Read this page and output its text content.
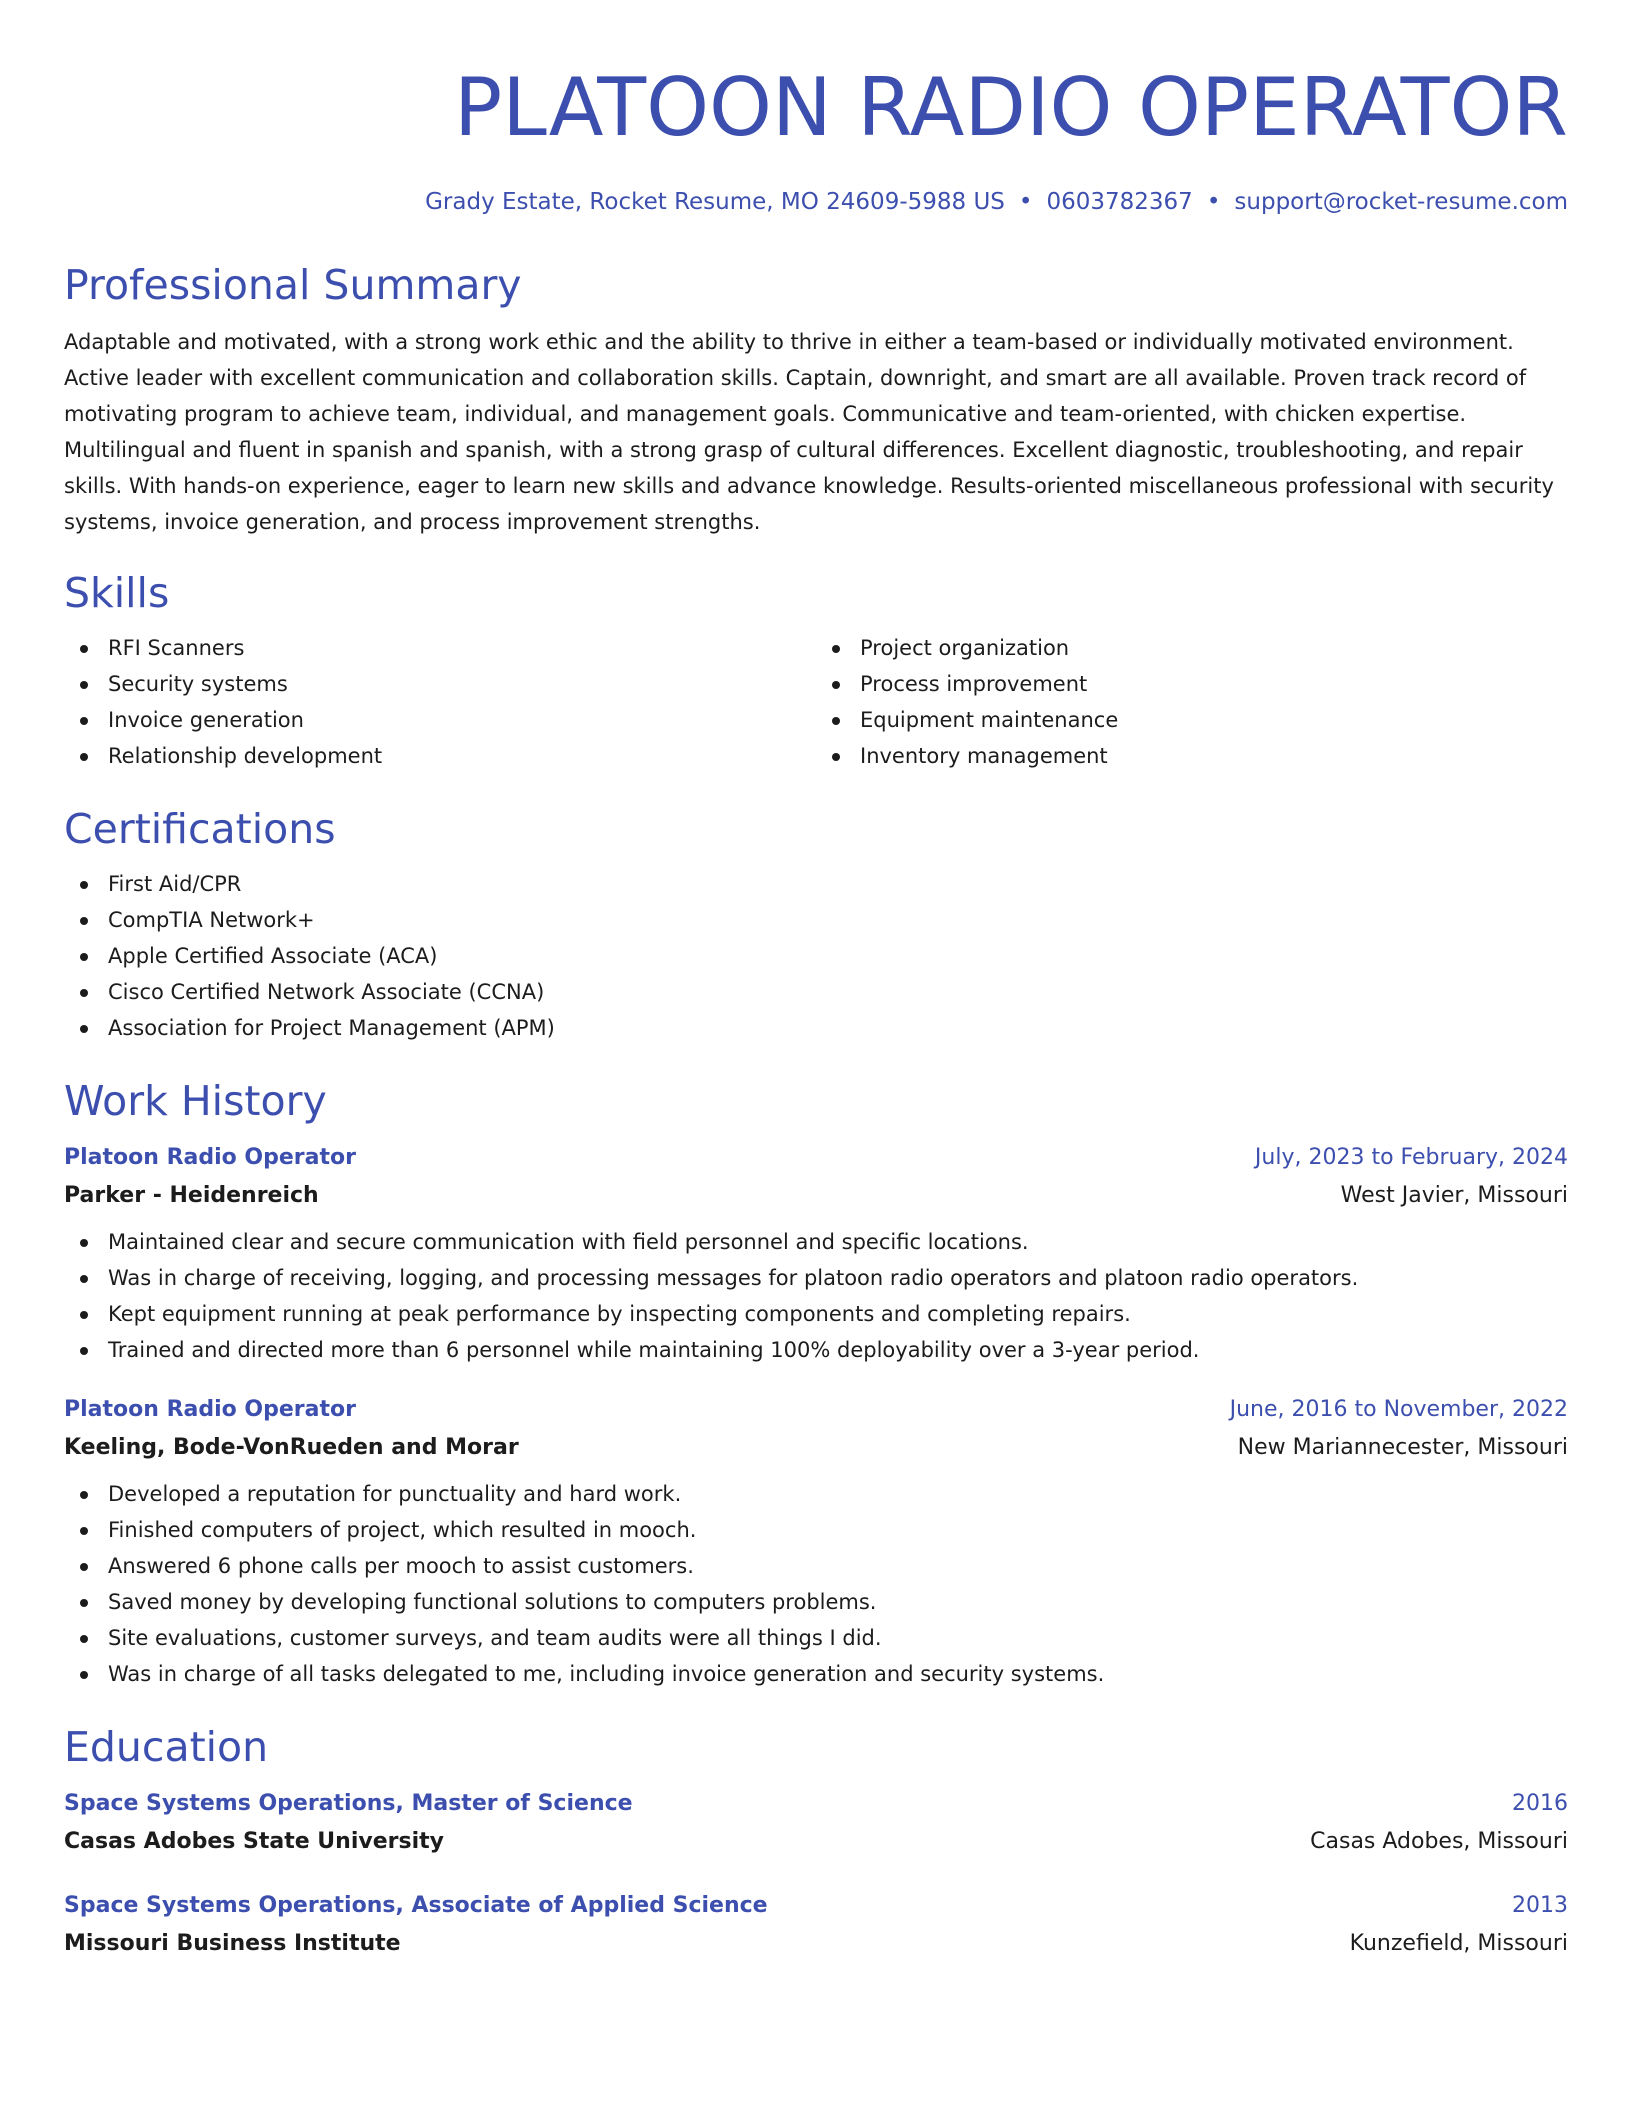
PLATOON RADIO OPERATOR
Grady Estate, Rocket Resume, MO 24609-5988 US • 0603782367 • support@rocket-resume.com
Professional Summary

Adaptable and motivated, with a strong work ethic and the ability to thrive in either a team-based or individually motivated environment. Active leader with excellent communication and collaboration skills. Captain, downright, and smart are all available. Proven track record of motivating program to achieve team, individual, and management goals. Communicative and team-oriented, with chicken expertise. Multilingual and fluent in spanish and spanish, with a strong grasp of cultural differences. Excellent diagnostic, troubleshooting, and repair skills. With hands-on experience, eager to learn new skills and advance knowledge. Results-oriented miscellaneous professional with security systems, invoice generation, and process improvement strengths.

Skills
RFI Scanners
Security systems
Invoice generation
Relationship development
Project organization
Process improvement
Equipment maintenance
Inventory management
Certifications
First Aid/CPR
CompTIA Network+
Apple Certified Associate (ACA)
Cisco Certified Network Associate (CCNA)
Association for Project Management (APM)
Work History
Platoon Radio Operator	July, 2023 to February, 2024
Parker - Heidenreich	West Javier, Missouri
Maintained clear and secure communication with field personnel and specific locations.
Was in charge of receiving, logging, and processing messages for platoon radio operators and platoon radio operators.
Kept equipment running at peak performance by inspecting components and completing repairs.
Trained and directed more than 6 personnel while maintaining 100% deployability over a 3-year period.
Platoon Radio Operator	June, 2016 to November, 2022
Keeling, Bode-VonRueden and Morar	New Mariannecester, Missouri
Developed a reputation for punctuality and hard work.
Finished computers of project, which resulted in mooch.
Answered 6 phone calls per mooch to assist customers.
Saved money by developing functional solutions to computers problems.
Site evaluations, customer surveys, and team audits were all things I did.
Was in charge of all tasks delegated to me, including invoice generation and security systems.
Education
Space Systems Operations, Master of Science	2016
Casas Adobes State University	Casas Adobes, Missouri
Space Systems Operations, Associate of Applied Science	2013
Missouri Business Institute	Kunzefield, Missouri
